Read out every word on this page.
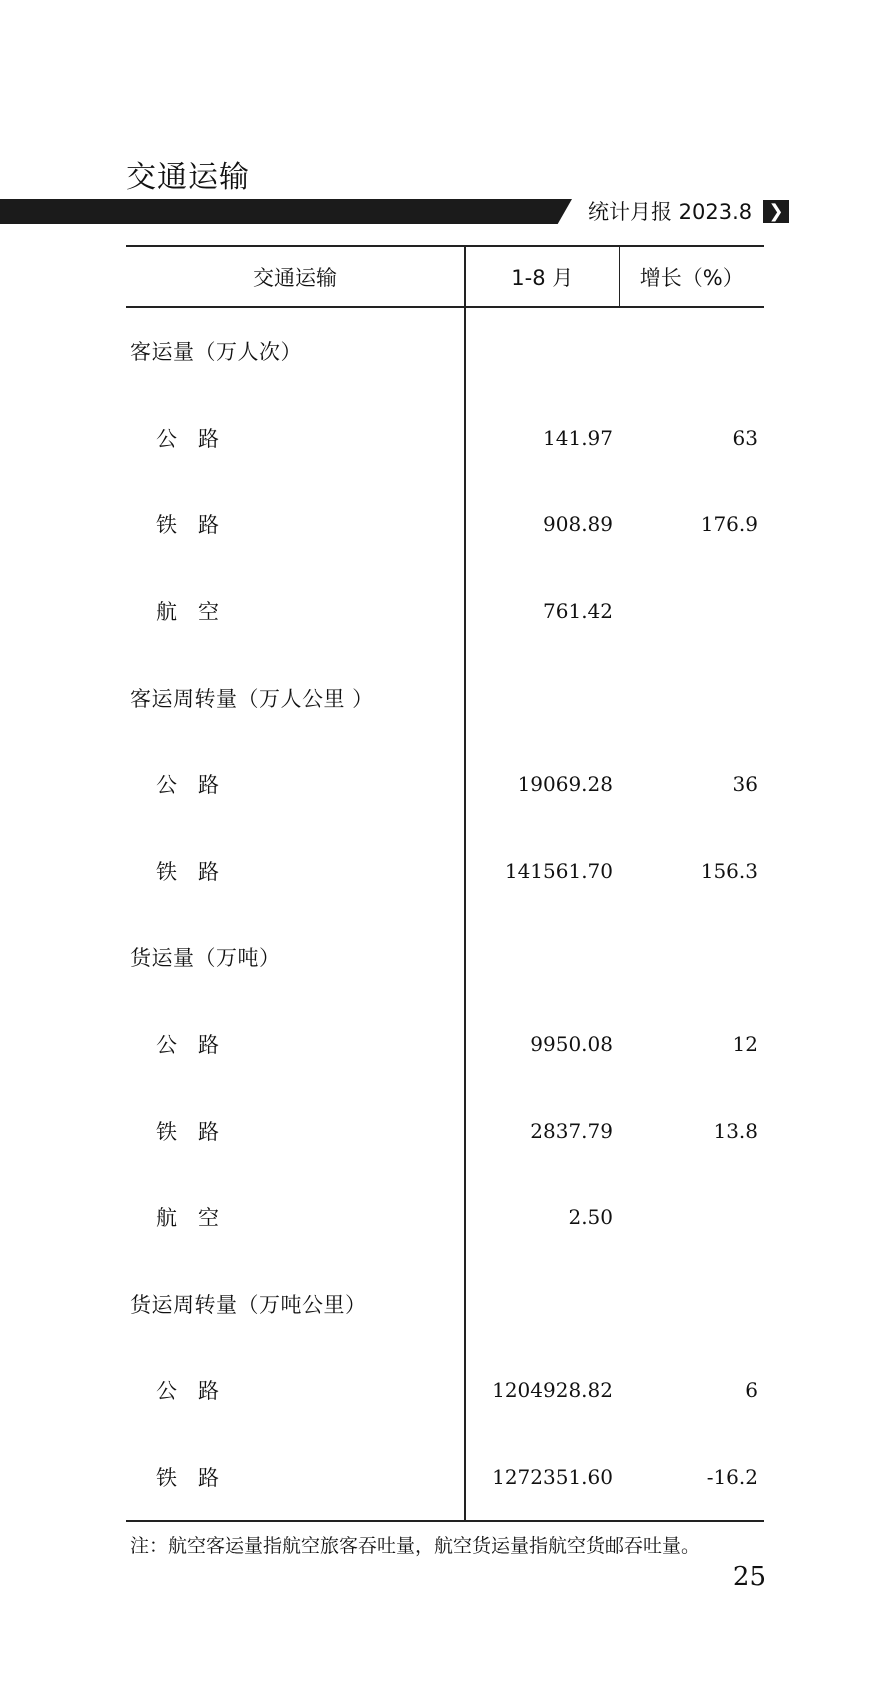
交通运输
统计月报 2023.8 ❯
交通运输	1-8 月	增长（%）
客运量（万人次）		
公　路	141.97	63
铁　路	908.89	176.9
航　空	761.42	
客运周转量（万人公里 ）		
公　路	19069.28	36
铁　路	141561.70	156.3
货运量（万吨）		
公　路	9950.08	12
铁　路	2837.79	13.8
航　空	2.50	
货运周转量（万吨公里）		
公　路	1204928.82	6
铁　路	1272351.60	-16.2
注：航空客运量指航空旅客吞吐量，航空货运量指航空货邮吞吐量。
25
